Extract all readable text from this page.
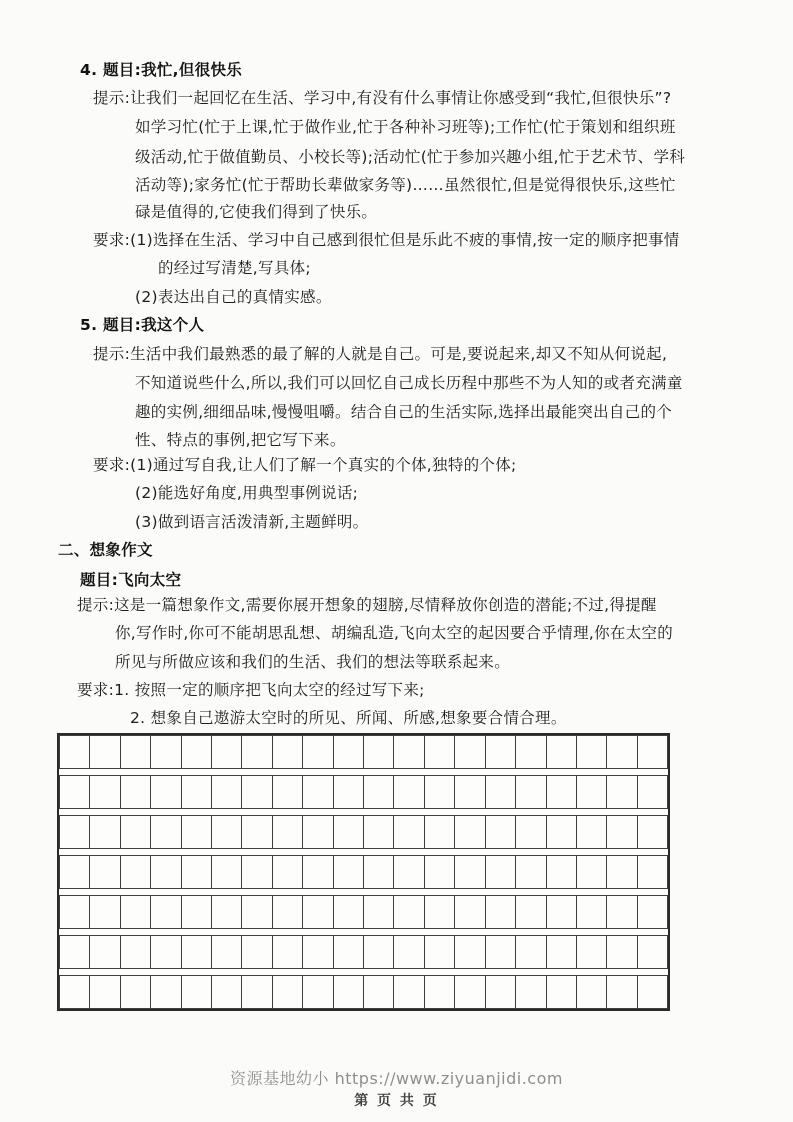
4. 题目:我忙,但很快乐
提示:让我们一起回忆在生活、学习中,有没有什么事情让你感受到“我忙,但很快乐”?
如学习忙(忙于上课,忙于做作业,忙于各种补习班等);工作忙(忙于策划和组织班
级活动,忙于做值勤员、小校长等);活动忙(忙于参加兴趣小组,忙于艺术节、学科
活动等);家务忙(忙于帮助长辈做家务等)……虽然很忙,但是觉得很快乐,这些忙
碌是值得的,它使我们得到了快乐。
要求:(1)选择在生活、学习中自己感到很忙但是乐此不疲的事情,按一定的顺序把事情
的经过写清楚,写具体;
(2)表达出自己的真情实感。
5. 题目:我这个人
提示:生活中我们最熟悉的最了解的人就是自己。可是,要说起来,却又不知从何说起,
不知道说些什么,所以,我们可以回忆自己成长历程中那些不为人知的或者充满童
趣的实例,细细品味,慢慢咀嚼。结合自己的生活实际,选择出最能突出自己的个
性、特点的事例,把它写下来。
要求:(1)通过写自我,让人们了解一个真实的个体,独特的个体;
(2)能选好角度,用典型事例说话;
(3)做到语言活泼清新,主题鲜明。
二、想象作文
题目:飞向太空
提示:这是一篇想象作文,需要你展开想象的翅膀,尽情释放你创造的潜能;不过,得提醒
你,写作时,你可不能胡思乱想、胡编乱造,飞向太空的起因要合乎情理,你在太空的
所见与所做应该和我们的生活、我们的想法等联系起来。
要求:1. 按照一定的顺序把飞向太空的经过写下来;
2. 想象自己遨游太空时的所见、所闻、所感,想象要合情合理。
资源基地幼小 https://www.ziyuanjidi.com
第 页 共 页
